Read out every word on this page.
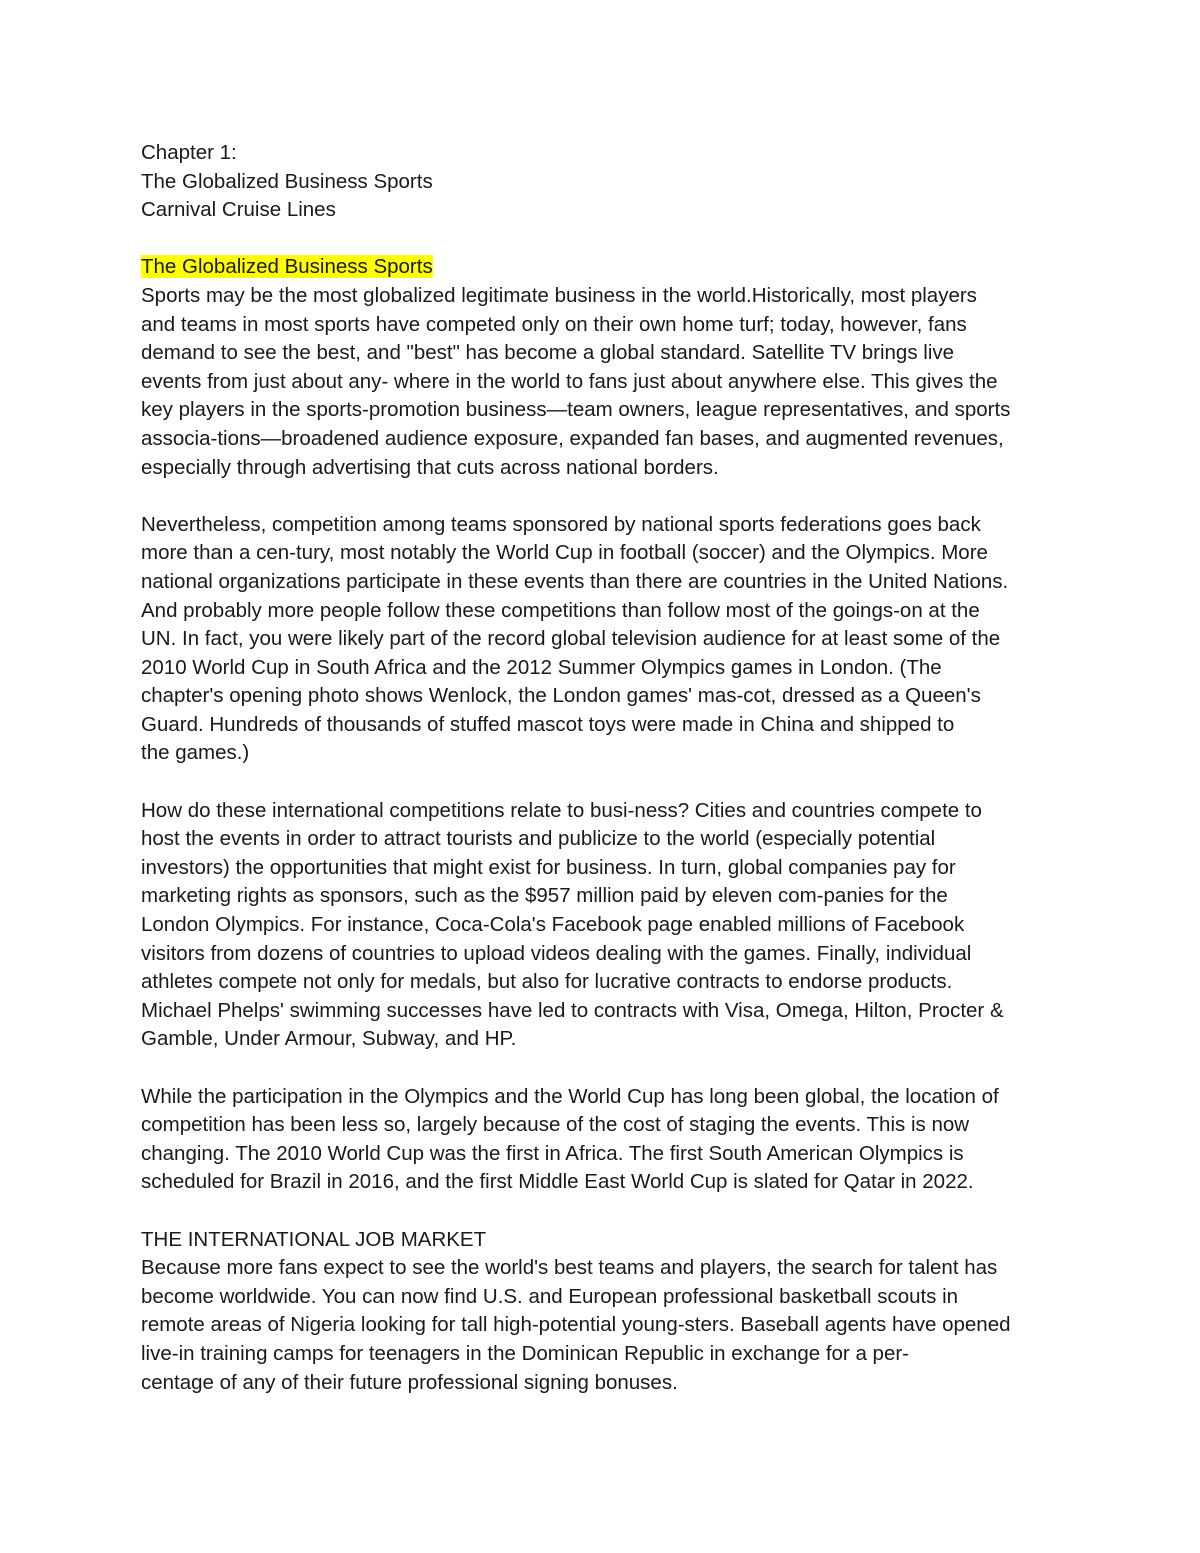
Chapter 1:
The Globalized Business Sports
Carnival Cruise Lines
The Globalized Business Sports
Sports may be the most globalized legitimate business in the world.Historically, most players
and teams in most sports have competed only on their own home turf; today, however, fans
demand to see the best, and "best" has become a global standard. Satellite TV brings live
events from just about any- where in the world to fans just about anywhere else. This gives the
key players in the sports-promotion business—team owners, league representatives, and sports
associa-tions—broadened audience exposure, expanded fan bases, and augmented revenues,
especially through advertising that cuts across national borders.
Nevertheless, competition among teams sponsored by national sports federations goes back
more than a cen-tury, most notably the World Cup in football (soccer) and the Olympics. More
national organizations participate in these events than there are countries in the United Nations.
And probably more people follow these competitions than follow most of the goings-on at the
UN. In fact, you were likely part of the record global television audience for at least some of the
2010 World Cup in South Africa and the 2012 Summer Olympics games in London. (The
chapter's opening photo shows Wenlock, the London games' mas-cot, dressed as a Queen's
Guard. Hundreds of thousands of stuffed mascot toys were made in China and shipped to
the games.)
How do these international competitions relate to busi-ness? Cities and countries compete to
host the events in order to attract tourists and publicize to the world (especially potential
investors) the opportunities that might exist for business. In turn, global companies pay for
marketing rights as sponsors, such as the $957 million paid by eleven com-panies for the
London Olympics. For instance, Coca-Cola's Facebook page enabled millions of Facebook
visitors from dozens of countries to upload videos dealing with the games. Finally, individual
athletes compete not only for medals, but also for lucrative contracts to endorse products.
Michael Phelps' swimming successes have led to contracts with Visa, Omega, Hilton, Procter &
Gamble, Under Armour, Subway, and HP.
While the participation in the Olympics and the World Cup has long been global, the location of
competition has been less so, largely because of the cost of staging the events. This is now
changing. The 2010 World Cup was the first in Africa. The first South American Olympics is
scheduled for Brazil in 2016, and the first Middle East World Cup is slated for Qatar in 2022.
THE INTERNATIONAL JOB MARKET
Because more fans expect to see the world's best teams and players, the search for talent has
become worldwide. You can now find U.S. and European professional basketball scouts in
remote areas of Nigeria looking for tall high-potential young-sters. Baseball agents have opened
live-in training camps for teenagers in the Dominican Republic in exchange for a per-
centage of any of their future professional signing bonuses.
